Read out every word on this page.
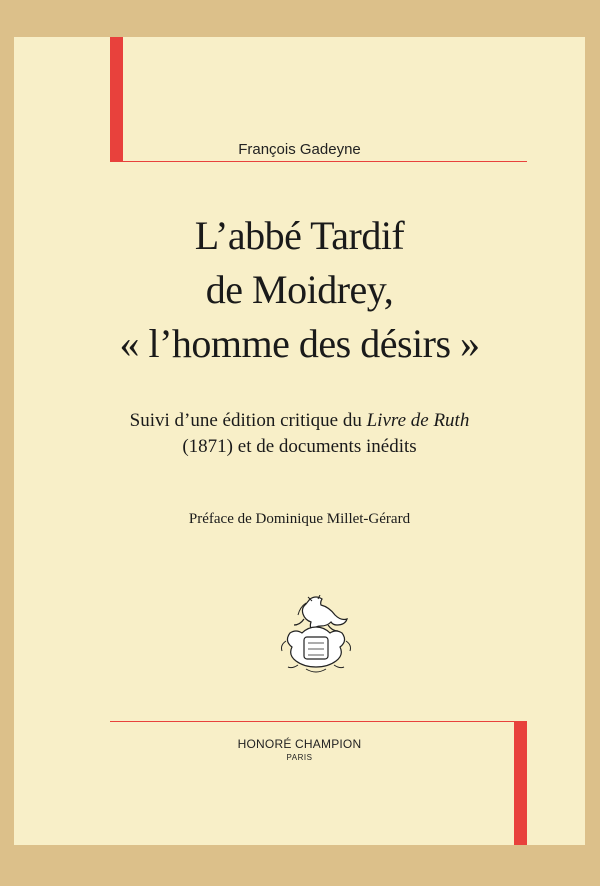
François Gadeyne
L’abbé Tardif
de Moidrey,
« l’homme des désirs »
Suivi d’une édition critique du Livre de Ruth
(1871) et de documents inédits
Préface de Dominique Millet-Gérard
HONORÉ CHAMPION
PARIS
